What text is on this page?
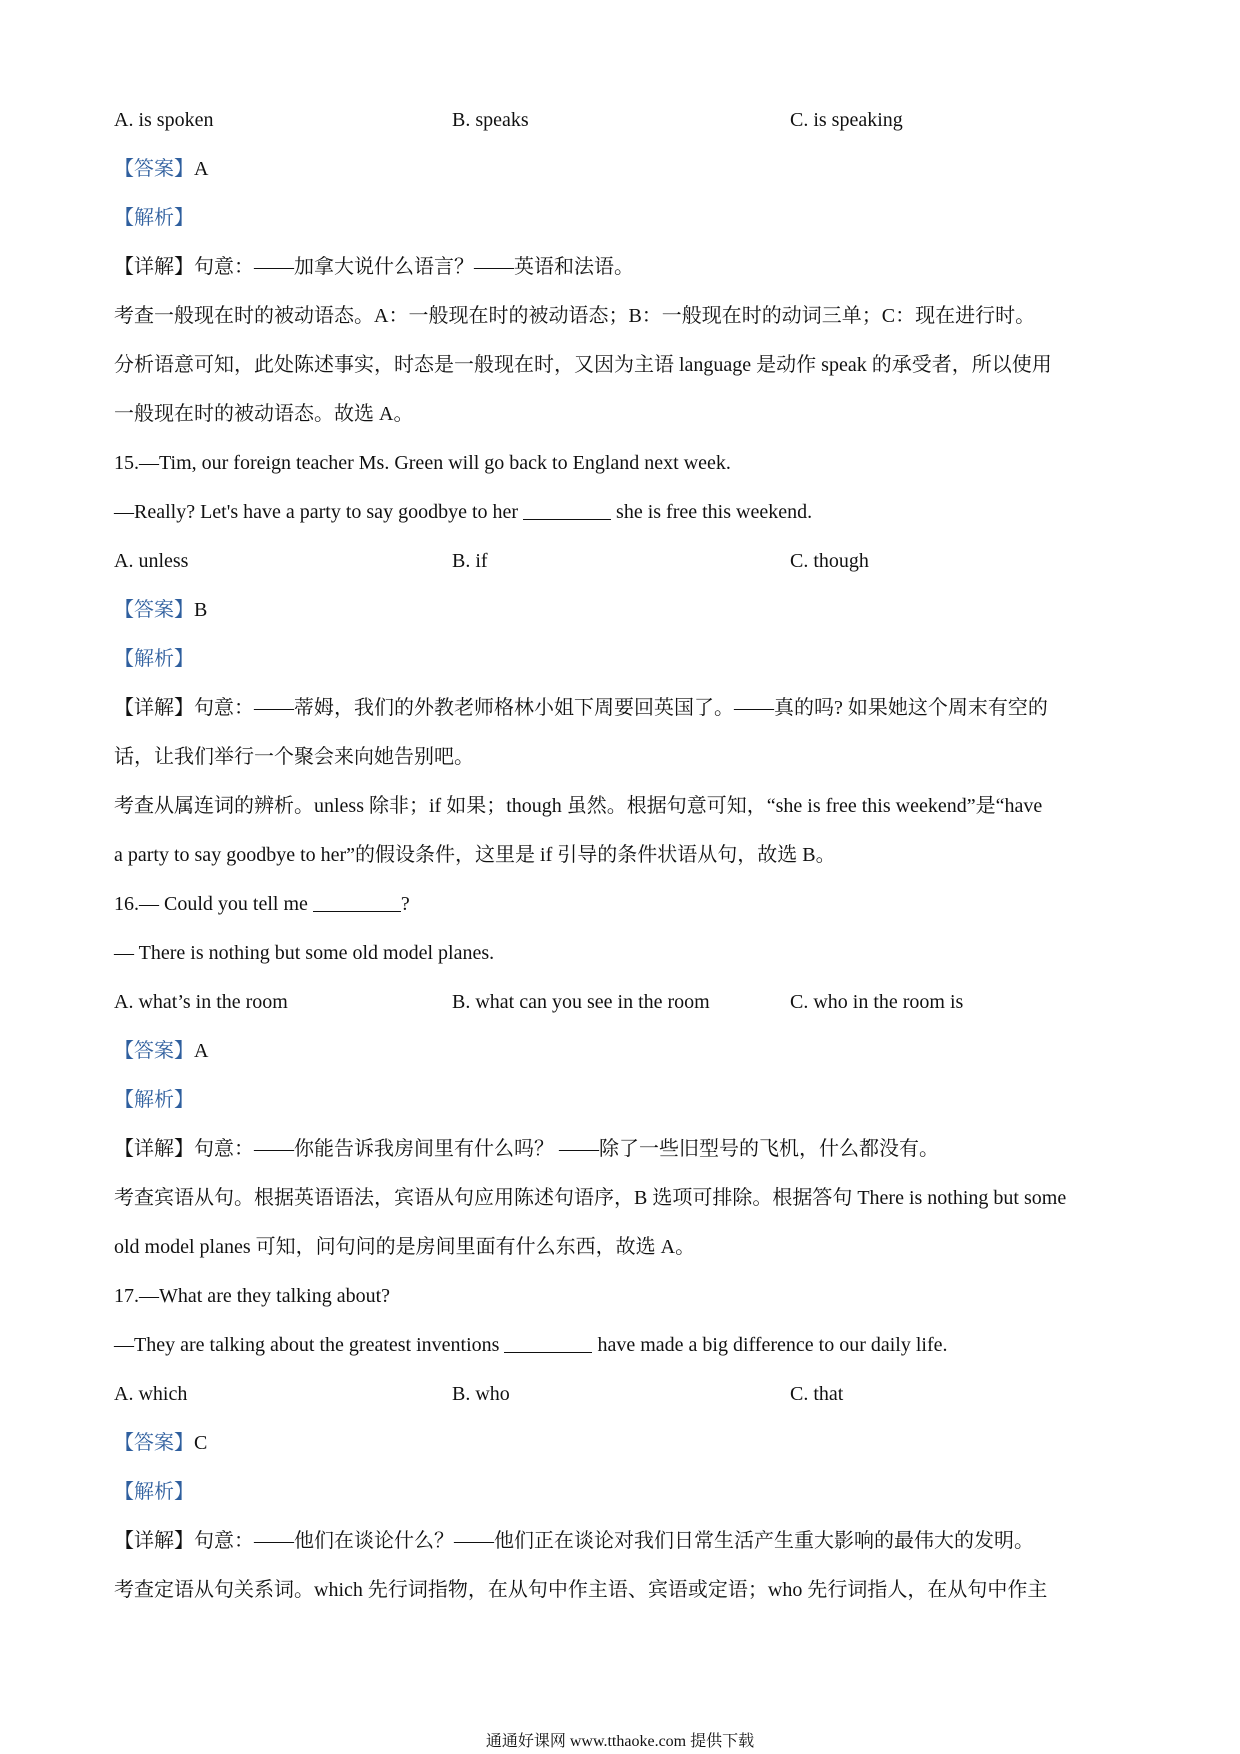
A. is spoken	B. speaks	C. is speaking
【答案】A
【解析】
【详解】句意：——加拿大说什么语言？——英语和法语。
考查一般现在时的被动语态。A：一般现在时的被动语态；B：一般现在时的动词三单；C：现在进行时。
分析语意可知，此处陈述事实，时态是一般现在时，又因为主语 language 是动作 speak 的承受者，所以使用
一般现在时的被动语态。故选 A。
15.—Tim, our foreign teacher Ms. Green will go back to England next week.
—Really? Let's have a party to say goodbye to her	she is free this weekend.
A. unless	B. if	C. though
【答案】B
【解析】
【详解】句意：——蒂姆，我们的外教老师格林小姐下周要回英国了。——真的吗? 如果她这个周末有空的
话，让我们举行一个聚会来向她告别吧。
考查从属连词的辨析。unless 除非；if 如果；though 虽然。根据句意可知，“she is free this weekend”是“have
a party to say goodbye to her”的假设条件，这里是 if 引导的条件状语从句，故选 B。
16.— Could you tell me	?
— There is nothing but some old model planes.
A. what’s in the room	B. what can you see in the room	C. who in the room is
【答案】A
【解析】
【详解】句意：——你能告诉我房间里有什么吗？ ——除了一些旧型号的飞机，什么都没有。
考查宾语从句。根据英语语法，宾语从句应用陈述句语序，B 选项可排除。根据答句 There is nothing but some
old model planes 可知，问句问的是房间里面有什么东西，故选 A。
17.—What are they talking about?
—They are talking about the greatest inventions	have made a big difference to our daily life.
A. which	B. who	C. that
【答案】C
【解析】
【详解】句意：——他们在谈论什么？——他们正在谈论对我们日常生活产生重大影响的最伟大的发明。
考查定语从句关系词。which 先行词指物，在从句中作主语、宾语或定语；who 先行词指人，在从句中作主
通通好课网 www.tthaoke.com 提供下载
